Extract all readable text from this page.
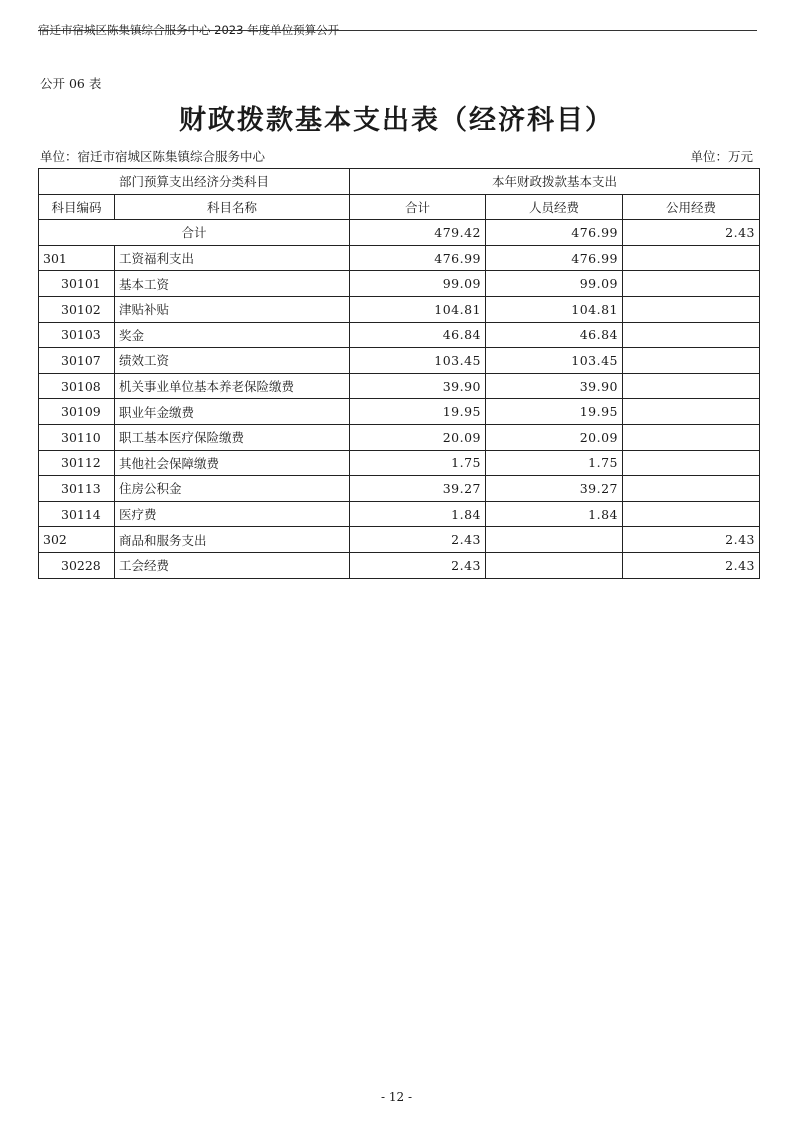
宿迁市宿城区陈集镇综合服务中心 2023 年度单位预算公开
公开 06 表
财政拨款基本支出表（经济科目）
单位：宿迁市宿城区陈集镇综合服务中心	单位：万元
部门预算支出经济分类科目		本年财政拨款基本支出		
科目编码	科目名称	合计	人员经费	公用经费
合计		479.42	476.99	2.43
301	工资福利支出	476.99	476.99	
30101	基本工资	99.09	99.09	
30102	津贴补贴	104.81	104.81	
30103	奖金	46.84	46.84	
30107	绩效工资	103.45	103.45	
30108	机关事业单位基本养老保险缴费	39.90	39.90	
30109	职业年金缴费	19.95	19.95	
30110	职工基本医疗保险缴费	20.09	20.09	
30112	其他社会保障缴费	1.75	1.75	
30113	住房公积金	39.27	39.27	
30114	医疗费	1.84	1.84	
302	商品和服务支出	2.43		2.43
30228	工会经费	2.43		2.43
- 12 -
